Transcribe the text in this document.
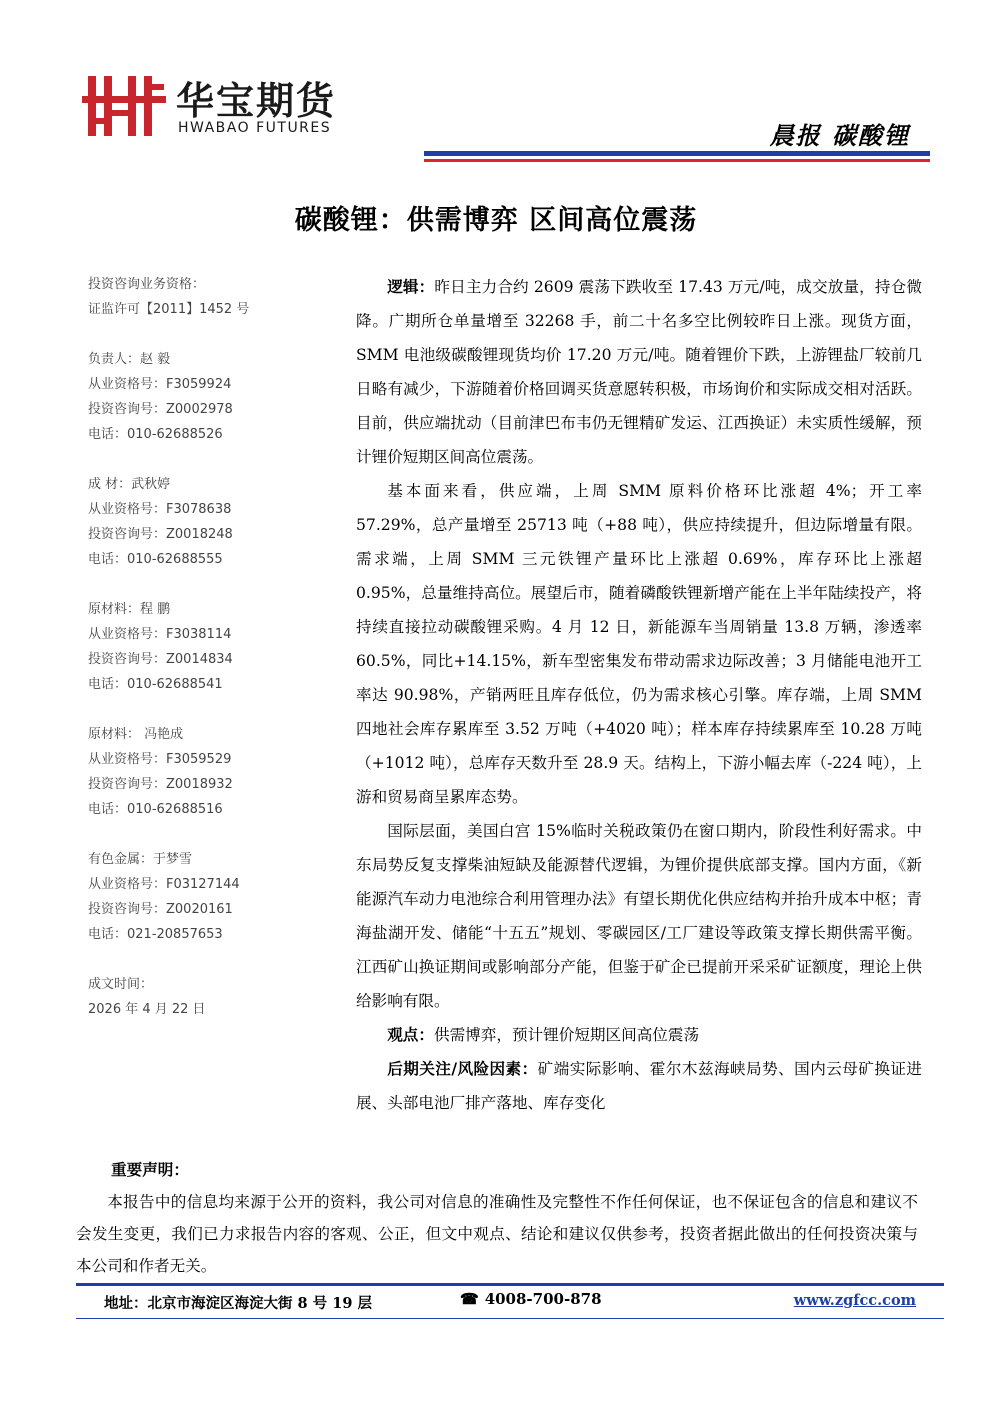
华宝期货
HWABAO FUTURES	晨报 碳酸锂
碳酸锂：供需博弈 区间高位震荡
投资咨询业务资格：
证监许可【2011】1452 号
负责人：赵 毅
从业资格号：F3059924
投资咨询号：Z0002978
电话：010-62688526
成 材：武秋婷
从业资格号：F3078638
投资咨询号：Z0018248
电话：010-62688555
原材料：程 鹏
从业资格号：F3038114
投资咨询号：Z0014834
电话：010-62688541
原材料： 冯艳成
从业资格号：F3059529
投资咨询号：Z0018932
电话：010-62688516
有色金属：于梦雪
从业资格号：F03127144
投资咨询号：Z0020161
电话：021-20857653
成文时间：
2026 年 4 月 22 日

逻辑：昨日主力合约 2609 震荡下跌收至 17.43 万元/吨，成交放量，持仓微降。广期所仓单量增至 32268 手，前二十名多空比例较昨日上涨。现货方面，SMM 电池级碳酸锂现货均价 17.20 万元/吨。随着锂价下跌，上游锂盐厂较前几日略有减少，下游随着价格回调买货意愿转积极，市场询价和实际成交相对活跃。目前，供应端扰动（目前津巴布韦仍无锂精矿发运、江西换证）未实质性缓解，预计锂价短期区间高位震荡。

基本面来看，供应端，上周 SMM 原料价格环比涨超 4%；开工率 57.29%，总产量增至 25713 吨（+88 吨），供应持续提升，但边际增量有限。需求端，上周 SMM 三元铁锂产量环比上涨超 0.69%，库存环比上涨超 0.95%，总量维持高位。展望后市，随着磷酸铁锂新增产能在上半年陆续投产，将持续直接拉动碳酸锂采购。4 月 12 日，新能源车当周销量 13.8 万辆，渗透率 60.5%，同比+14.15%，新车型密集发布带动需求边际改善；3 月储能电池开工率达 90.98%，产销两旺且库存低位，仍为需求核心引擎。库存端，上周 SMM 四地社会库存累库至 3.52 万吨（+4020 吨）；样本库存持续累库至 10.28 万吨（+1012 吨），总库存天数升至 28.9 天。结构上，下游小幅去库（-224 吨），上游和贸易商呈累库态势。

国际层面，美国白宫 15%临时关税政策仍在窗口期内，阶段性利好需求。中东局势反复支撑柴油短缺及能源替代逻辑，为锂价提供底部支撑。国内方面，《新能源汽车动力电池综合利用管理办法》有望长期优化供应结构并抬升成本中枢；青海盐湖开发、储能“十五五”规划、零碳园区/工厂建设等政策支撑长期供需平衡。江西矿山换证期间或影响部分产能，但鉴于矿企已提前开采采矿证额度，理论上供给影响有限。

观点：供需博弈，预计锂价短期区间高位震荡

后期关注/风险因素：矿端实际影响、霍尔木兹海峡局势、国内云母矿换证进展、头部电池厂排产落地、库存变化

重要声明：

本报告中的信息均来源于公开的资料，我公司对信息的准确性及完整性不作任何保证，也不保证包含的信息和建议不会发生变更，我们已力求报告内容的客观、公正，但文中观点、结论和建议仅供参考，投资者据此做出的任何投资决策与本公司和作者无关。

地址：北京市海淀区海淀大街 8 号 19 层	☎ 4008-700-878	www.zgfcc.com
